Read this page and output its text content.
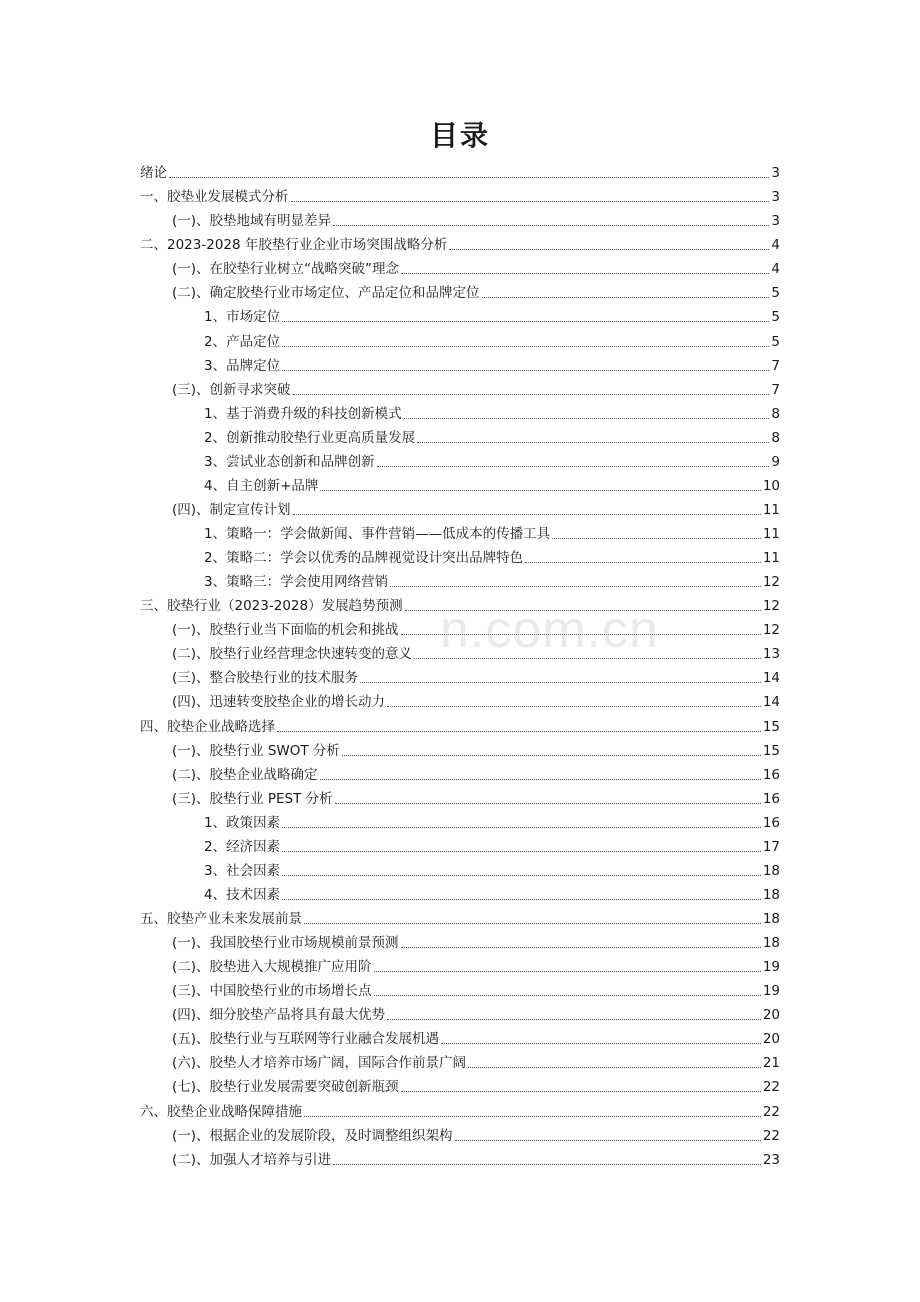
目录
绪论	3
一、胶垫业发展模式分析	3
(一)、胶垫地域有明显差异	3
二、2023-2028 年胶垫行业企业市场突围战略分析	4
(一)、在胶垫行业树立“战略突破”理念	4
(二)、确定胶垫行业市场定位、产品定位和品牌定位	5
1、市场定位	5
2、产品定位	5
3、品牌定位	7
(三)、创新寻求突破	7
1、基于消费升级的科技创新模式	8
2、创新推动胶垫行业更高质量发展	8
3、尝试业态创新和品牌创新	9
4、自主创新+品牌	10
(四)、制定宣传计划	11
1、策略一：学会做新闻、事件营销——低成本的传播工具	11
2、策略二：学会以优秀的品牌视觉设计突出品牌特色	11
3、策略三：学会使用网络营销	12
三、胶垫行业（2023-2028）发展趋势预测	12
(一)、胶垫行业当下面临的机会和挑战	12
(二)、胶垫行业经营理念快速转变的意义	13
(三)、整合胶垫行业的技术服务	14
(四)、迅速转变胶垫企业的增长动力	14
四、胶垫企业战略选择	15
(一)、胶垫行业 SWOT 分析	15
(二)、胶垫企业战略确定	16
(三)、胶垫行业 PEST 分析	16
1、政策因素	16
2、经济因素	17
3、社会因素	18
4、技术因素	18
五、胶垫产业未来发展前景	18
(一)、我国胶垫行业市场规模前景预测	18
(二)、胶垫进入大规模推广应用阶	19
(三)、中国胶垫行业的市场增长点	19
(四)、细分胶垫产品将具有最大优势	20
(五)、胶垫行业与互联网等行业融合发展机遇	20
(六)、胶垫人才培养市场广阔，国际合作前景广阔	21
(七)、胶垫行业发展需要突破创新瓶颈	22
六、胶垫企业战略保障措施	22
(一)、根据企业的发展阶段，及时调整组织架构	22
(二)、加强人才培养与引进	23
n.com.cn
